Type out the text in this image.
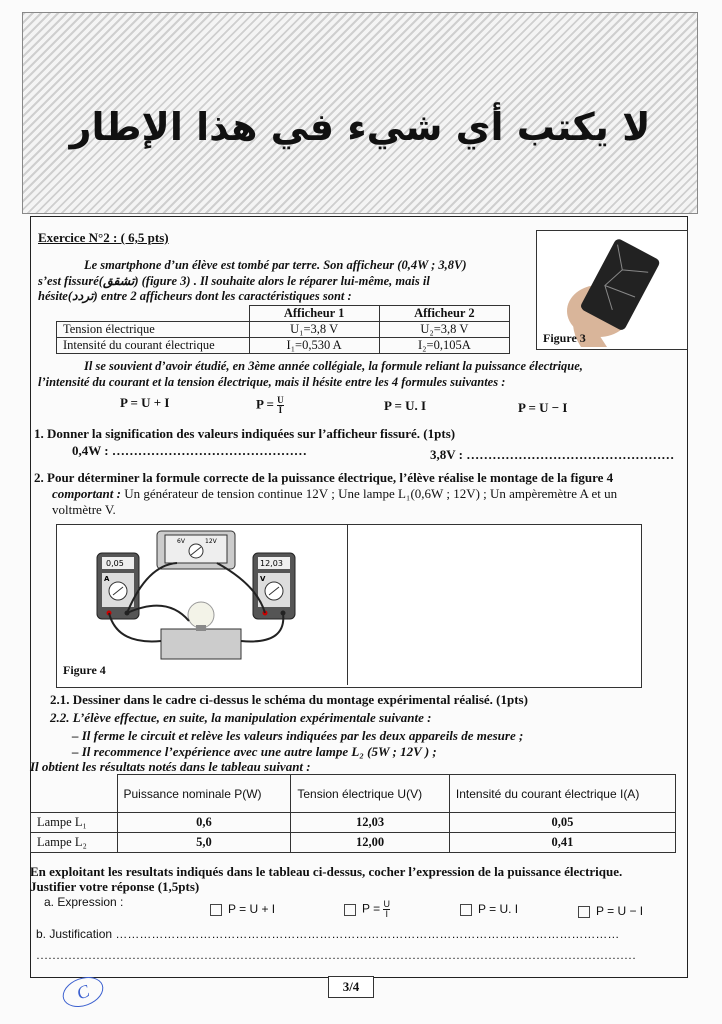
لا يكتب أي شيء في هذا الإطار
Exercice N°2 : ( 6,5 pts)
Le smartphone d’un élève est tombé par terre. Son afficheur (0,4W ; 3,8V)
s’est fissuré(تشقق) (figure 3) . Il souhaite alors le réparer lui-même, mais il
hésite(تردد) entre 2 afficheurs dont les caractéristiques sont :
Figure 3
	Afficheur 1	Afficheur 2
Tension électrique	U₁=3,8 V	U₂=3,8 V
Intensité du courant électrique	I₁=0,530 A	I₂=0,105A
Il se souvient d’avoir étudié, en 3ème année collégiale, la formule reliant la puissance électrique,
l’intensité du courant et la tension électrique, mais il hésite entre les 4 formules suivantes :
P = U + I	$P = \frac{U}{I}$	P = U. I	P = U − I
1. Donner la signification des valeurs indiquées sur l’afficheur fissuré. (1pts)
0,4W : ………………………………………	3,8V : …………………………………………
2. Pour déterminer la formule correcte de la puissance électrique, l’élève réalise le montage de la figure 4
comportant : Un générateur de tension continue 12V ; Une lampe L₁(0,6W ; 12V) ; Un ampèremètre A et un
voltmètre V.
6V	12V
0,05
A
12,03
V
Figure 4
2.1. Dessiner dans le cadre ci-dessus le schéma du montage expérimental réalisé. (1pts)
2.2. L’élève effectue, en suite, la manipulation expérimentale suivante :
– Il ferme le circuit et relève les valeurs indiquées par les deux appareils de mesure ;
– Il recommence l’expérience avec une autre lampe L₂ (5W ; 12V ) ;
Il obtient les résultats notés dans le tableau suivant :
	Puissance nominale P(W)	Tension électrique U(V)	Intensité du courant électrique I(A)
Lampe L₁	0,6	12,03	0,05
Lampe L₂	5,0	12,00	0,41
En exploitant les resultats indiqués dans le tableau ci-dessus, cocher l’expression de la puissance électrique.
Justifier votre réponse (1,5pts)
a. Expression :	P = U + I	$P = \frac{U}{I}$	P = U. I	P = U − I
b. Justification ………………………………………………………………………………………………………………
……………………………………………………………………………………………………………………………………
3/4
C
